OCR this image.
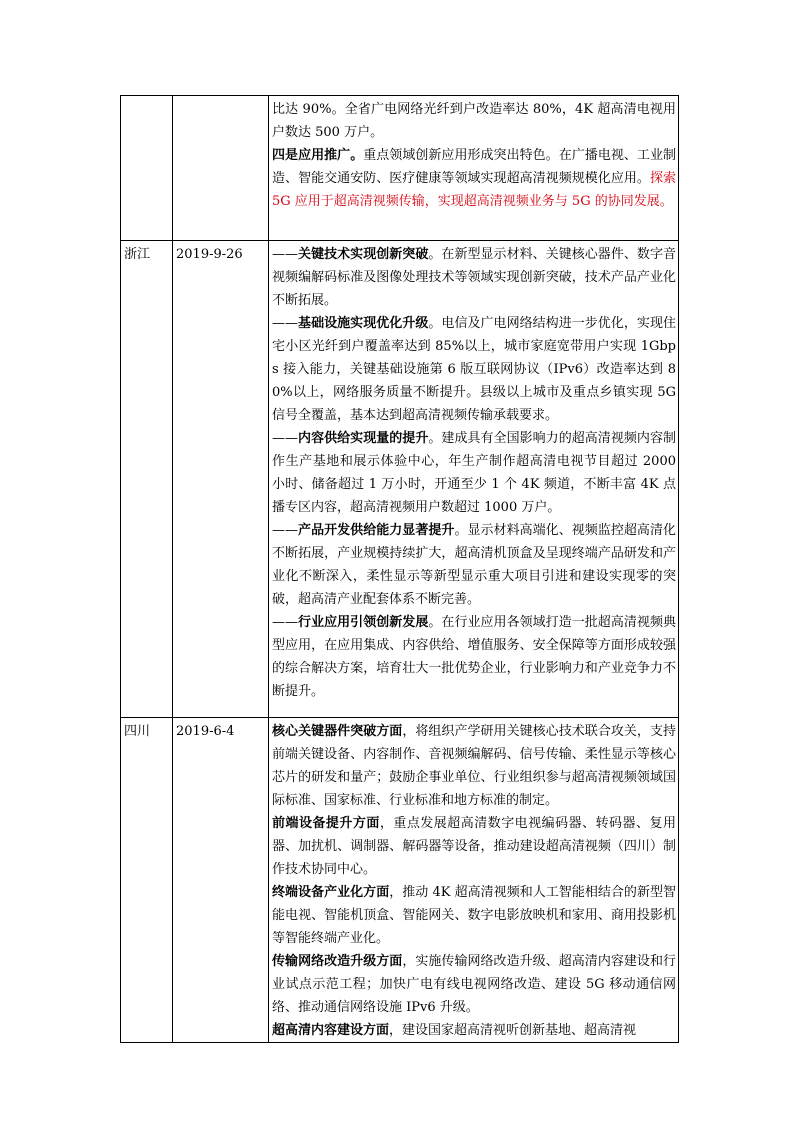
		比达 90%。全省广电网络光纤到户改造率达 80%，4K 超高清电视用户数达 500 万户。
四是应用推广。重点领域创新应用形成突出特色。在广播电视、工业制造、智能交通安防、医疗健康等领域实现超高清视频规模化应用。探索 5G 应用于超高清视频传输，实现超高清视频业务与 5G 的协同发展。

浙江	2019-9-26	——关键技术实现创新突破。在新型显示材料、关键核心器件、数字音视频编解码标准及图像处理技术等领域实现创新突破，技术产品产业化不断拓展。
——基础设施实现优化升级。电信及广电网络结构进一步优化，实现住宅小区光纤到户覆盖率达到 85%以上，城市家庭宽带用户实现 1Gbps 接入能力，关键基础设施第 6 版互联网协议（IPv6）改造率达到 80%以上，网络服务质量不断提升。县级以上城市及重点乡镇实现 5G 信号全覆盖，基本达到超高清视频传输承载要求。
——内容供给实现量的提升。建成具有全国影响力的超高清视频内容制作生产基地和展示体验中心，年生产制作超高清电视节目超过 2000 小时、储备超过 1 万小时，开通至少 1 个 4K 频道，不断丰富 4K 点播专区内容，超高清视频用户数超过 1000 万户。
——产品开发供给能力显著提升。显示材料高端化、视频监控超高清化不断拓展，产业规模持续扩大，超高清机顶盒及呈现终端产品研发和产业化不断深入，柔性显示等新型显示重大项目引进和建设实现零的突破，超高清产业配套体系不断完善。
——行业应用引领创新发展。在行业应用各领域打造一批超高清视频典型应用，在应用集成、内容供给、增值服务、安全保障等方面形成较强的综合解决方案，培育壮大一批优势企业，行业影响力和产业竞争力不断提升。

四川	2019-6-4	核心关键器件突破方面，将组织产学研用关键核心技术联合攻关，支持前端关键设备、内容制作、音视频编解码、信号传输、柔性显示等核心芯片的研发和量产；鼓励企事业单位、行业组织参与超高清视频领域国际标准、国家标准、行业标准和地方标准的制定。
前端设备提升方面，重点发展超高清数字电视编码器、转码器、复用器、加扰机、调制器、解码器等设备，推动建设超高清视频（四川）制作技术协同中心。
终端设备产业化方面，推动 4K 超高清视频和人工智能相结合的新型智能电视、智能机顶盒、智能网关、数字电影放映机和家用、商用投影机等智能终端产业化。
传输网络改造升级方面，实施传输网络改造升级、超高清内容建设和行业试点示范工程；加快广电有线电视网络改造、建设 5G 移动通信网络、推动通信网络设施 IPv6 升级。
超高清内容建设方面，建设国家超高清视听创新基地、超高清视
